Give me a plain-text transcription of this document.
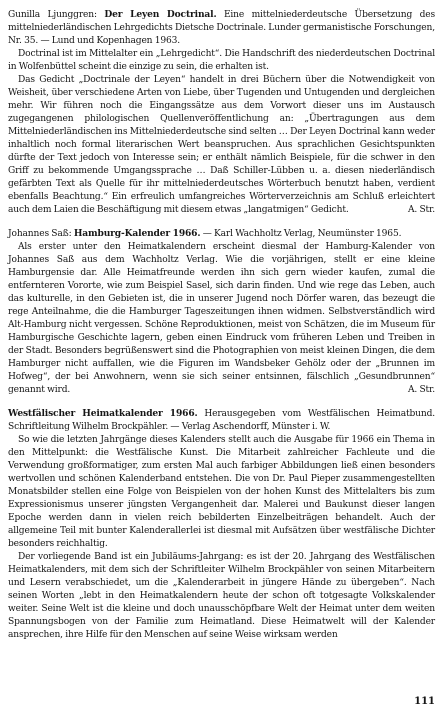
Gunilla Ljunggren: Der Leyen Doctrinal. Eine mittelniederdeutsche Übersetzung des mittelniederländischen Lehrgedichts Dietsche Doctrinale. Lunder germanistische Forschungen, Nr. 35. — Lund und Kopenhagen 1963.

Doctrinal ist im Mittelalter ein „Lehrgedicht“. Die Handschrift des niederdeutschen Doctrinal in Wolfenbüttel scheint die einzige zu sein, die erhalten ist.

Das Gedicht „Doctrinale der Leyen“ handelt in drei Büchern über die Notwendigkeit von Weisheit, über verschiedene Arten von Liebe, über Tugenden und Untugenden und dergleichen mehr. Wir führen noch die Eingangssätze aus dem Vorwort dieser uns im Austausch zugegangenen philologischen Quellenveröffentlichung an: „Übertragungen aus dem Mittelniederländischen ins Mittelniederdeutsche sind selten … Der Leyen Doctrinal kann weder inhaltlich noch formal literarischen Wert beanspruchen. Aus sprachlichen Gesichtspunkten dürfte der Text jedoch von Interesse sein; er enthält nämlich Beispiele, für die schwer in den Griff zu bekommende Umgangssprache … Daß Schiller-Lübben u. a. diesen niederländisch gefärbten Text als Quelle für ihr mittelniederdeutsches Wörterbuch benutzt haben, verdient ebenfalls Beachtung.“ Ein erfreulich umfangreiches Wörterverzeichnis am Schluß erleichtert auch dem Laien die Beschäftigung mit diesem etwas „langatmigen“ Gedicht.	A. Str.

Johannes Saß: Hamburg-Kalender 1966. — Karl Wachholtz Verlag, Neumünster 1965.

Als erster unter den Heimatkalendern erscheint diesmal der Hamburg-Kalender von Johannes Saß aus dem Wachholtz Verlag. Wie die vorjährigen, stellt er eine kleine Hamburgensie dar. Alle Heimatfreunde werden ihn sich gern wieder kaufen, zumal die entfernteren Vororte, wie zum Beispiel Sasel, sich darin finden. Und wie rege das Leben, auch das kulturelle, in den Gebieten ist, die in unserer Jugend noch Dörfer waren, das bezeugt die rege Anteilnahme, die die Hamburger Tageszeitungen ihnen widmen. Selbstverständlich wird Alt-Hamburg nicht vergessen. Schöne Reproduktionen, meist von Schätzen, die im Museum für Hamburgische Geschichte lagern, geben einen Eindruck vom früheren Leben und Treiben in der Stadt. Besonders begrüßenswert sind die Photographien von meist kleinen Dingen, die dem Hamburger nicht auffallen, wie die Figuren im Wandsbeker Gehölz oder der „Brunnen im Hofweg“, der bei Anwohnern, wenn sie sich seiner entsinnen, fälschlich „Gesundbrunnen“ genannt wird.	A. Str.

Westfälischer Heimatkalender 1966. Herausgegeben vom Westfälischen Heimatbund. Schriftleitung Wilhelm Brockpähler. — Verlag Aschendorff, Münster i. W.

So wie die letzten Jahrgänge dieses Kalenders stellt auch die Ausgabe für 1966 ein Thema in den Mittelpunkt: die Westfälische Kunst. Die Mitarbeit zahlreicher Fachleute und die Verwendung großformatiger, zum ersten Mal auch farbiger Abbildungen ließ einen besonders wertvollen und schönen Kalenderband entstehen. Die von Dr. Paul Pieper zusammengestellten Monatsbilder stellen eine Folge von Beispielen von der hohen Kunst des Mittelalters bis zum Expressionismus unserer jüngsten Vergangenheit dar. Malerei und Baukunst dieser langen Epoche werden dann in vielen reich bebilderten Einzelbeiträgen behandelt. Auch der allgemeine Teil mit bunter Kalenderallerlei ist diesmal mit Aufsätzen über westfälische Dichter besonders reichhaltig.

Der vorliegende Band ist ein Jubiläums-Jahrgang: es ist der 20. Jahrgang des Westfälischen Heimatkalenders, mit dem sich der Schriftleiter Wilhelm Brockpähler von seinen Mitarbeitern und Lesern verabschiedet, um die „Kalenderarbeit in jüngere Hände zu übergeben“. Nach seinen Worten „lebt in den Heimatkalendern heute der schon oft totgesagte Volkskalender weiter. Seine Welt ist die kleine und doch unausschöpfbare Welt der Heimat unter dem weiten Spannungsbogen von der Familie zum Heimatland. Diese Heimatwelt will der Kalender ansprechen, ihre Hilfe für den Menschen auf seine Weise wirksam werden

111
